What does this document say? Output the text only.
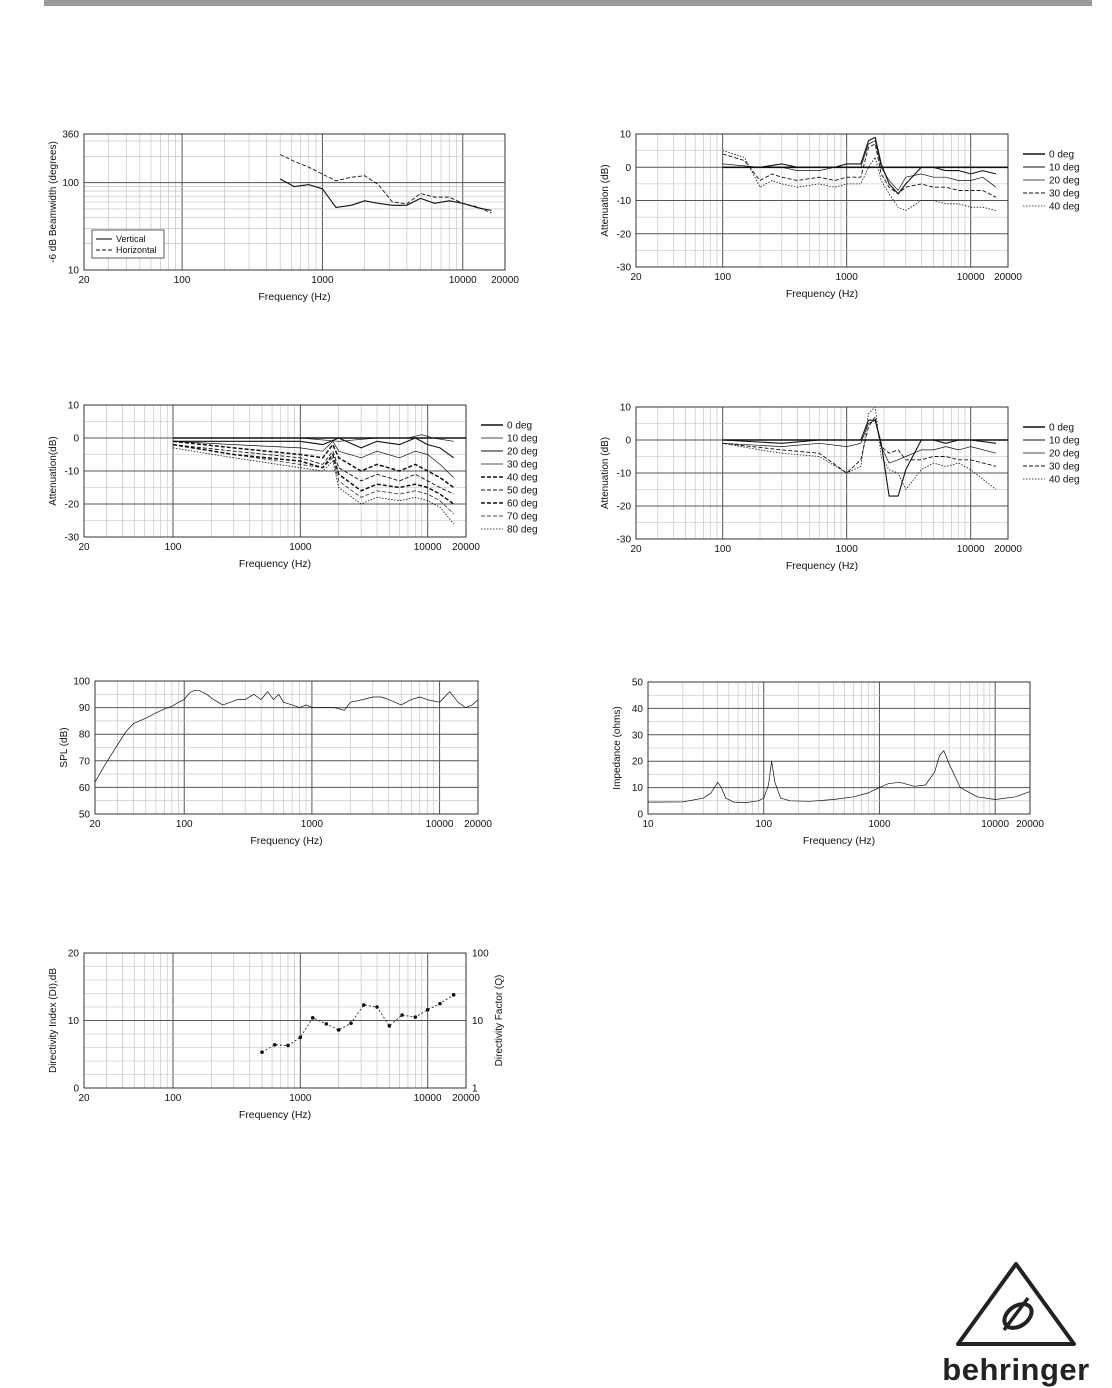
20	100	1000	10000 20000
10
100
360
Frequency (Hz)
-6 dB Beamwidth (degrees)	Vertical
Horizontal
20	100	1000	10000 20000
10
0
-10
-20
-30
Frequency (Hz)
Attenuation (dB)
0 deg
10 deg
20 deg
30 deg
40 deg
20	100	1000	10000 20000
10
0
-10
-20
-30
Frequency (Hz)
Attenuation(dB)
0 deg
10 deg
20 deg
30 deg
40 deg
50 deg
60 deg
70 deg
80 deg
20	100	1000	10000 20000
10
0
-10
-20
-30
Frequency (Hz)
Attenuation (dB)
0 deg
10 deg
20 deg
30 deg
40 deg
20	100	1000	10000 20000
100
90
80
70
60
50
Frequency (Hz)
SPL (dB)
10	100	1000	10000 20000
50
40
30
20
10
0
Frequency (Hz)
Impedance (ohms)
20	100	1000	10000 20000
20
10
0
100
10
1
Frequency (Hz)
Directivity Index (DI),dB	Directivity Factor (Q)
behringer
